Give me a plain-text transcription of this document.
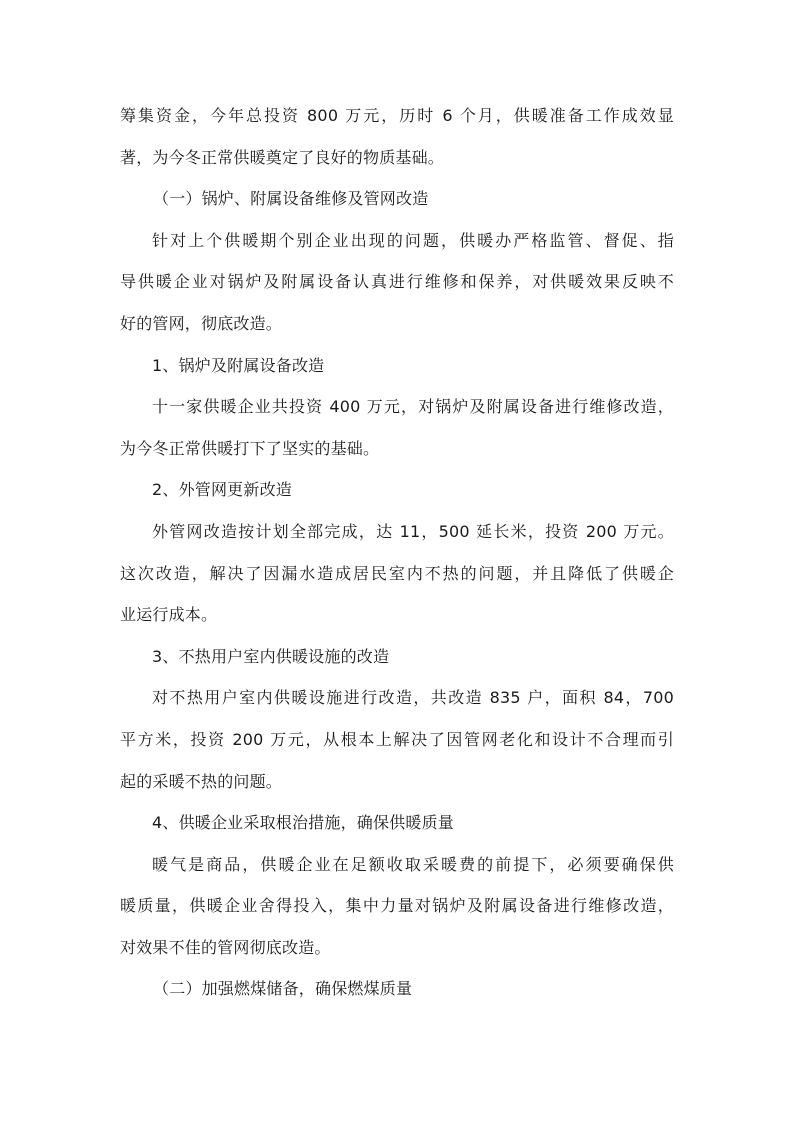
筹集资金，今年总投资 800 万元，历时 6 个月，供暖准备工作成效显

著，为今冬正常供暖奠定了良好的物质基础。

（一）锅炉、附属设备维修及管网改造

针对上个供暖期个别企业出现的问题，供暖办严格监管、督促、指

导供暖企业对锅炉及附属设备认真进行维修和保养，对供暖效果反映不

好的管网，彻底改造。

1、锅炉及附属设备改造

十一家供暖企业共投资 400 万元，对锅炉及附属设备进行维修改造，

为今冬正常供暖打下了坚实的基础。

2、外管网更新改造

外管网改造按计划全部完成，达 11，500 延长米，投资 200 万元。

这次改造，解决了因漏水造成居民室内不热的问题，并且降低了供暖企

业运行成本。

3、不热用户室内供暖设施的改造

对不热用户室内供暖设施进行改造，共改造 835 户，面积 84，700

平方米，投资 200 万元，从根本上解决了因管网老化和设计不合理而引

起的采暖不热的问题。

4、供暖企业采取根治措施，确保供暖质量

暖气是商品，供暖企业在足额收取采暖费的前提下，必须要确保供

暖质量，供暖企业舍得投入，集中力量对锅炉及附属设备进行维修改造，

对效果不佳的管网彻底改造。

（二）加强燃煤储备，确保燃煤质量
